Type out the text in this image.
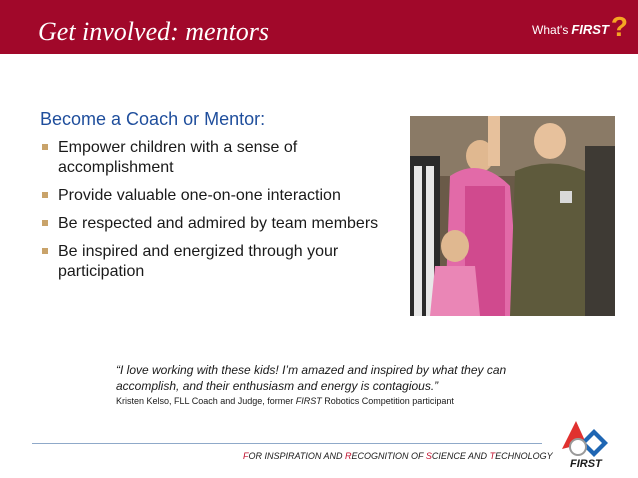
Get involved: mentors	What's FIRST ?
Become a Coach or Mentor:
Empower children with a sense of accomplishment
Provide valuable one-on-one interaction
Be respected and admired by team members
Be inspired and energized through your participation
“I love working with these kids! I’m amazed and inspired by what they can accomplish, and their enthusiasm and energy is contagious.”
Kristen Kelso, FLL Coach and Judge, former FIRST Robotics Competition participant
FOR INSPIRATION AND RECOGNITION OF SCIENCE AND TECHNOLOGY
FIRST
